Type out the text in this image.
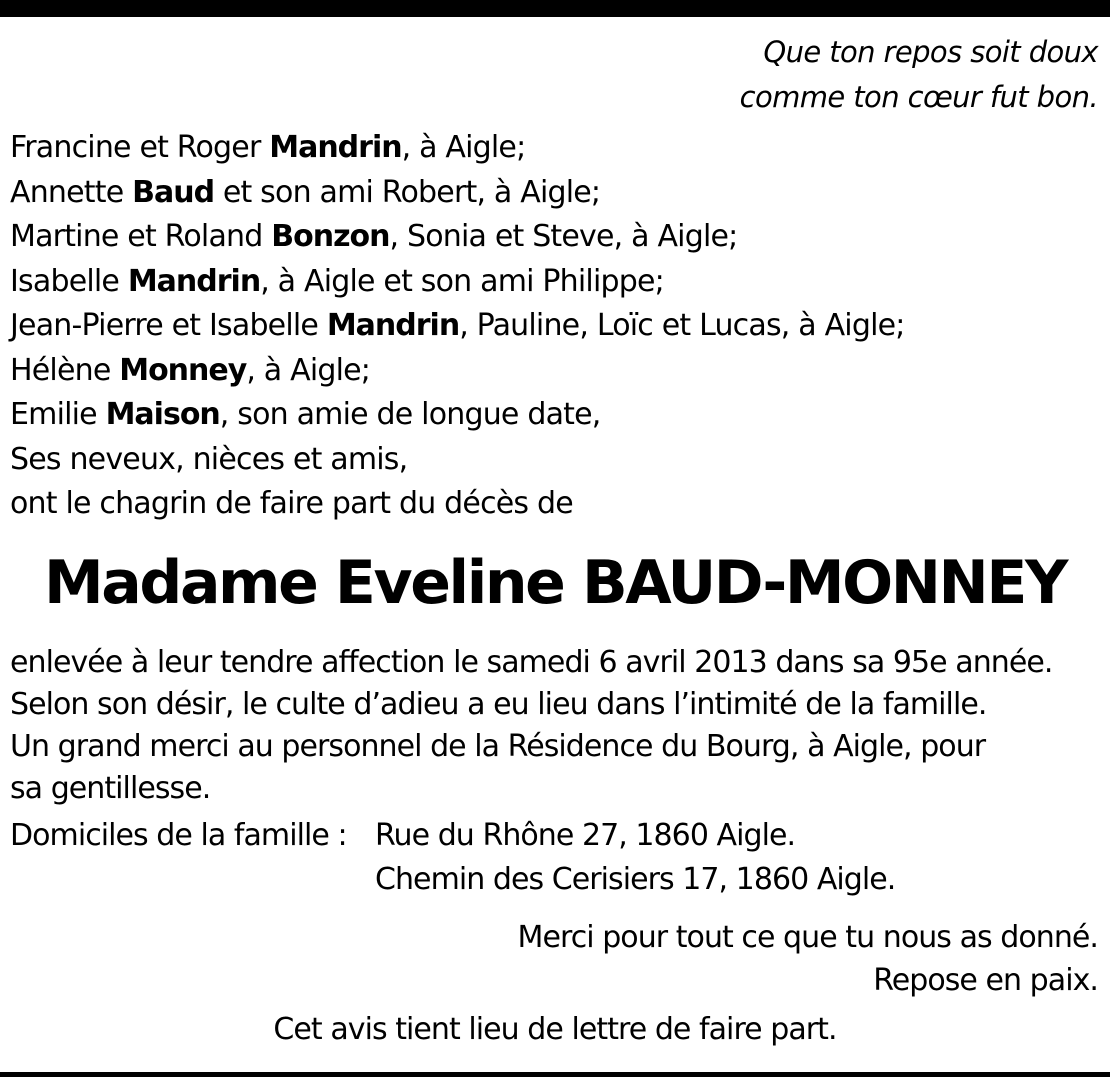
Que ton repos soit doux
comme ton cœur fut bon.
Francine et Roger Mandrin, à Aigle;
Annette Baud et son ami Robert, à Aigle;
Martine et Roland Bonzon, Sonia et Steve, à Aigle;
Isabelle Mandrin, à Aigle et son ami Philippe;
Jean-Pierre et Isabelle Mandrin, Pauline, Loïc et Lucas, à Aigle;
Hélène Monney, à Aigle;
Emilie Maison, son amie de longue date,
Ses neveux, nièces et amis,
ont le chagrin de faire part du décès de
Madame Eveline BAUD-MONNEY
enlevée à leur tendre affection le samedi 6 avril 2013 dans sa 95e année.
Selon son désir, le culte d’adieu a eu lieu dans l’intimité de la famille.
Un grand merci au personnel de la Résidence du Bourg, à Aigle, pour
sa gentillesse.
Domiciles de la famille : Rue du Rhône 27, 1860 Aigle.
Chemin des Cerisiers 17, 1860 Aigle.
Merci pour tout ce que tu nous as donné.
Repose en paix.
Cet avis tient lieu de lettre de faire part.
